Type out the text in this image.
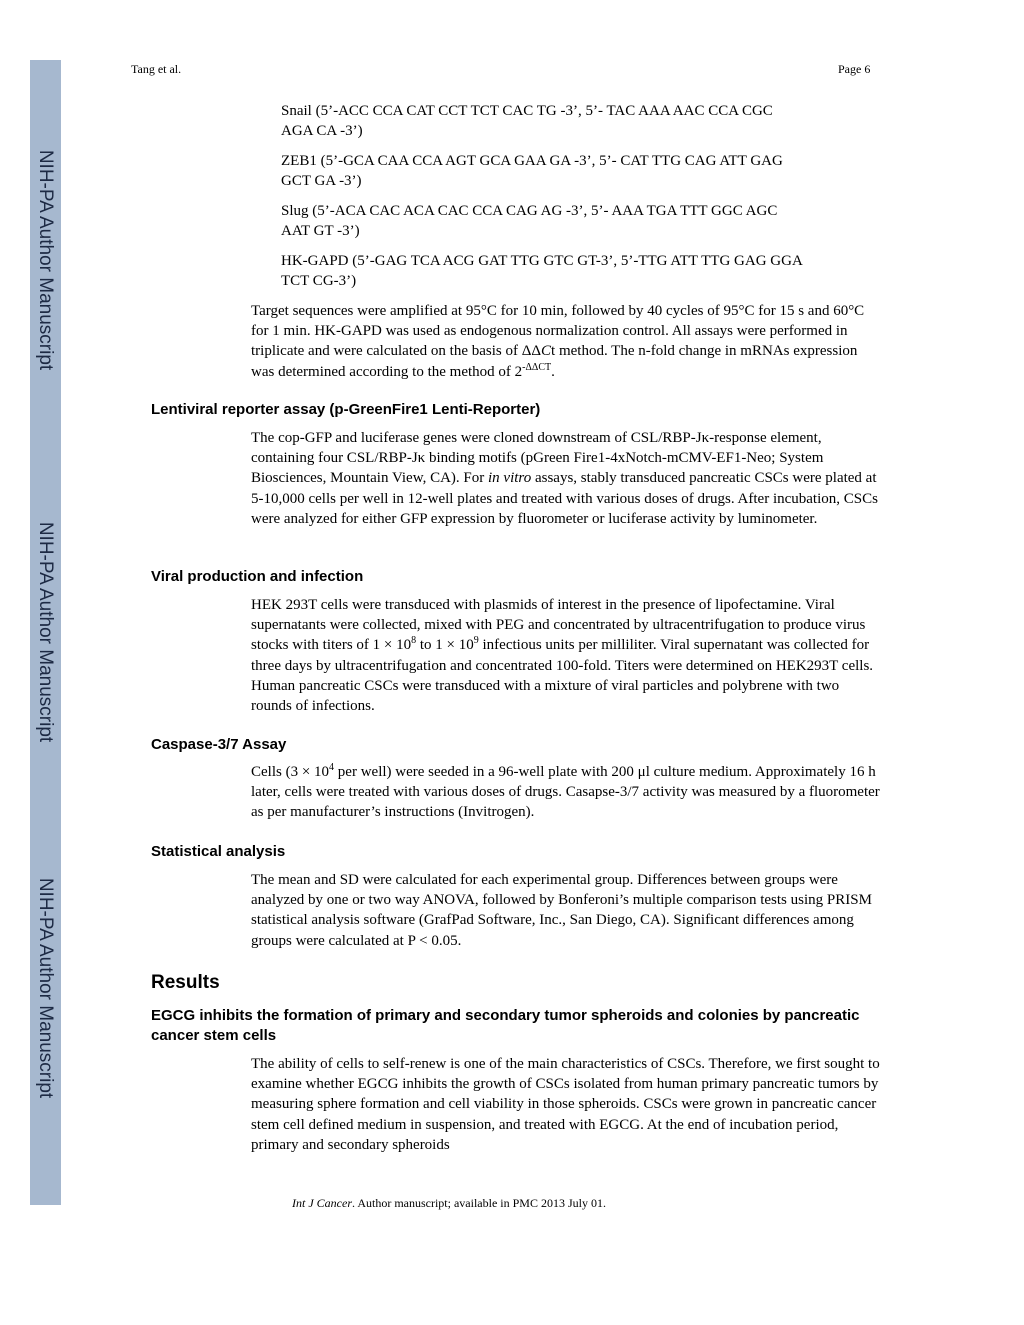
NIH-PA Author Manuscript
NIH-PA Author Manuscript
NIH-PA Author Manuscript
Tang et al.	Page 6
Snail (5’-ACC CCA CAT CCT TCT CAC TG -3’, 5’- TAC AAA AAC CCA CGC
AGA CA -3’)
ZEB1 (5’-GCA CAA CCA AGT GCA GAA GA -3’, 5’- CAT TTG CAG ATT GAG
GCT GA -3’)
Slug (5’-ACA CAC ACA CAC CCA CAG AG -3’, 5’- AAA TGA TTT GGC AGC
AAT GT -3’)
HK-GAPD (5’-GAG TCA ACG GAT TTG GTC GT-3’, 5’-TTG ATT TTG GAG GGA
TCT CG-3’)
Target sequences were amplified at 95°C for 10 min, followed by 40 cycles of 95°C for 15 s and 60°C for 1 min. HK-GAPD was used as endogenous normalization control. All assays were performed in triplicate and were calculated on the basis of ΔΔCt method. The n-fold change in mRNAs expression was determined according to the method of $2^{-\Delta\Delta CT}$.
Lentiviral reporter assay (p-GreenFire1 Lenti-Reporter)
The cop-GFP and luciferase genes were cloned downstream of CSL/RBP-Jκ-response element, containing four CSL/RBP-Jκ binding motifs (pGreen Fire1-4xNotch-mCMV-EF1-Neo; System Biosciences, Mountain View, CA). For in vitro assays, stably transduced pancreatic CSCs were plated at 5-10,000 cells per well in 12-well plates and treated with various doses of drugs. After incubation, CSCs were analyzed for either GFP expression by fluorometer or luciferase activity by luminometer.
Viral production and infection
HEK 293T cells were transduced with plasmids of interest in the presence of lipofectamine. Viral supernatants were collected, mixed with PEG and concentrated by ultracentrifugation to produce virus stocks with titers of $1 \times 10^8$ to $1 \times 10^9$ infectious units per milliliter. Viral supernatant was collected for three days by ultracentrifugation and concentrated 100-fold. Titers were determined on HEK293T cells. Human pancreatic CSCs were transduced with a mixture of viral particles and polybrene with two rounds of infections.
Caspase-3/7 Assay
Cells ($3 \times 10^4$ per well) were seeded in a 96-well plate with 200 μl culture medium. Approximately 16 h later, cells were treated with various doses of drugs. Casapse-3/7 activity was measured by a fluorometer as per manufacturer’s instructions (Invitrogen).
Statistical analysis
The mean and SD were calculated for each experimental group. Differences between groups were analyzed by one or two way ANOVA, followed by Bonferoni’s multiple comparison tests using PRISM statistical analysis software (GrafPad Software, Inc., San Diego, CA). Significant differences among groups were calculated at P < 0.05.
Results
EGCG inhibits the formation of primary and secondary tumor spheroids and colonies by pancreatic cancer stem cells
The ability of cells to self-renew is one of the main characteristics of CSCs. Therefore, we first sought to examine whether EGCG inhibits the growth of CSCs isolated from human primary pancreatic tumors by measuring sphere formation and cell viability in those spheroids. CSCs were grown in pancreatic cancer stem cell defined medium in suspension, and treated with EGCG. At the end of incubation period, primary and secondary spheroids
Int J Cancer. Author manuscript; available in PMC 2013 July 01.
